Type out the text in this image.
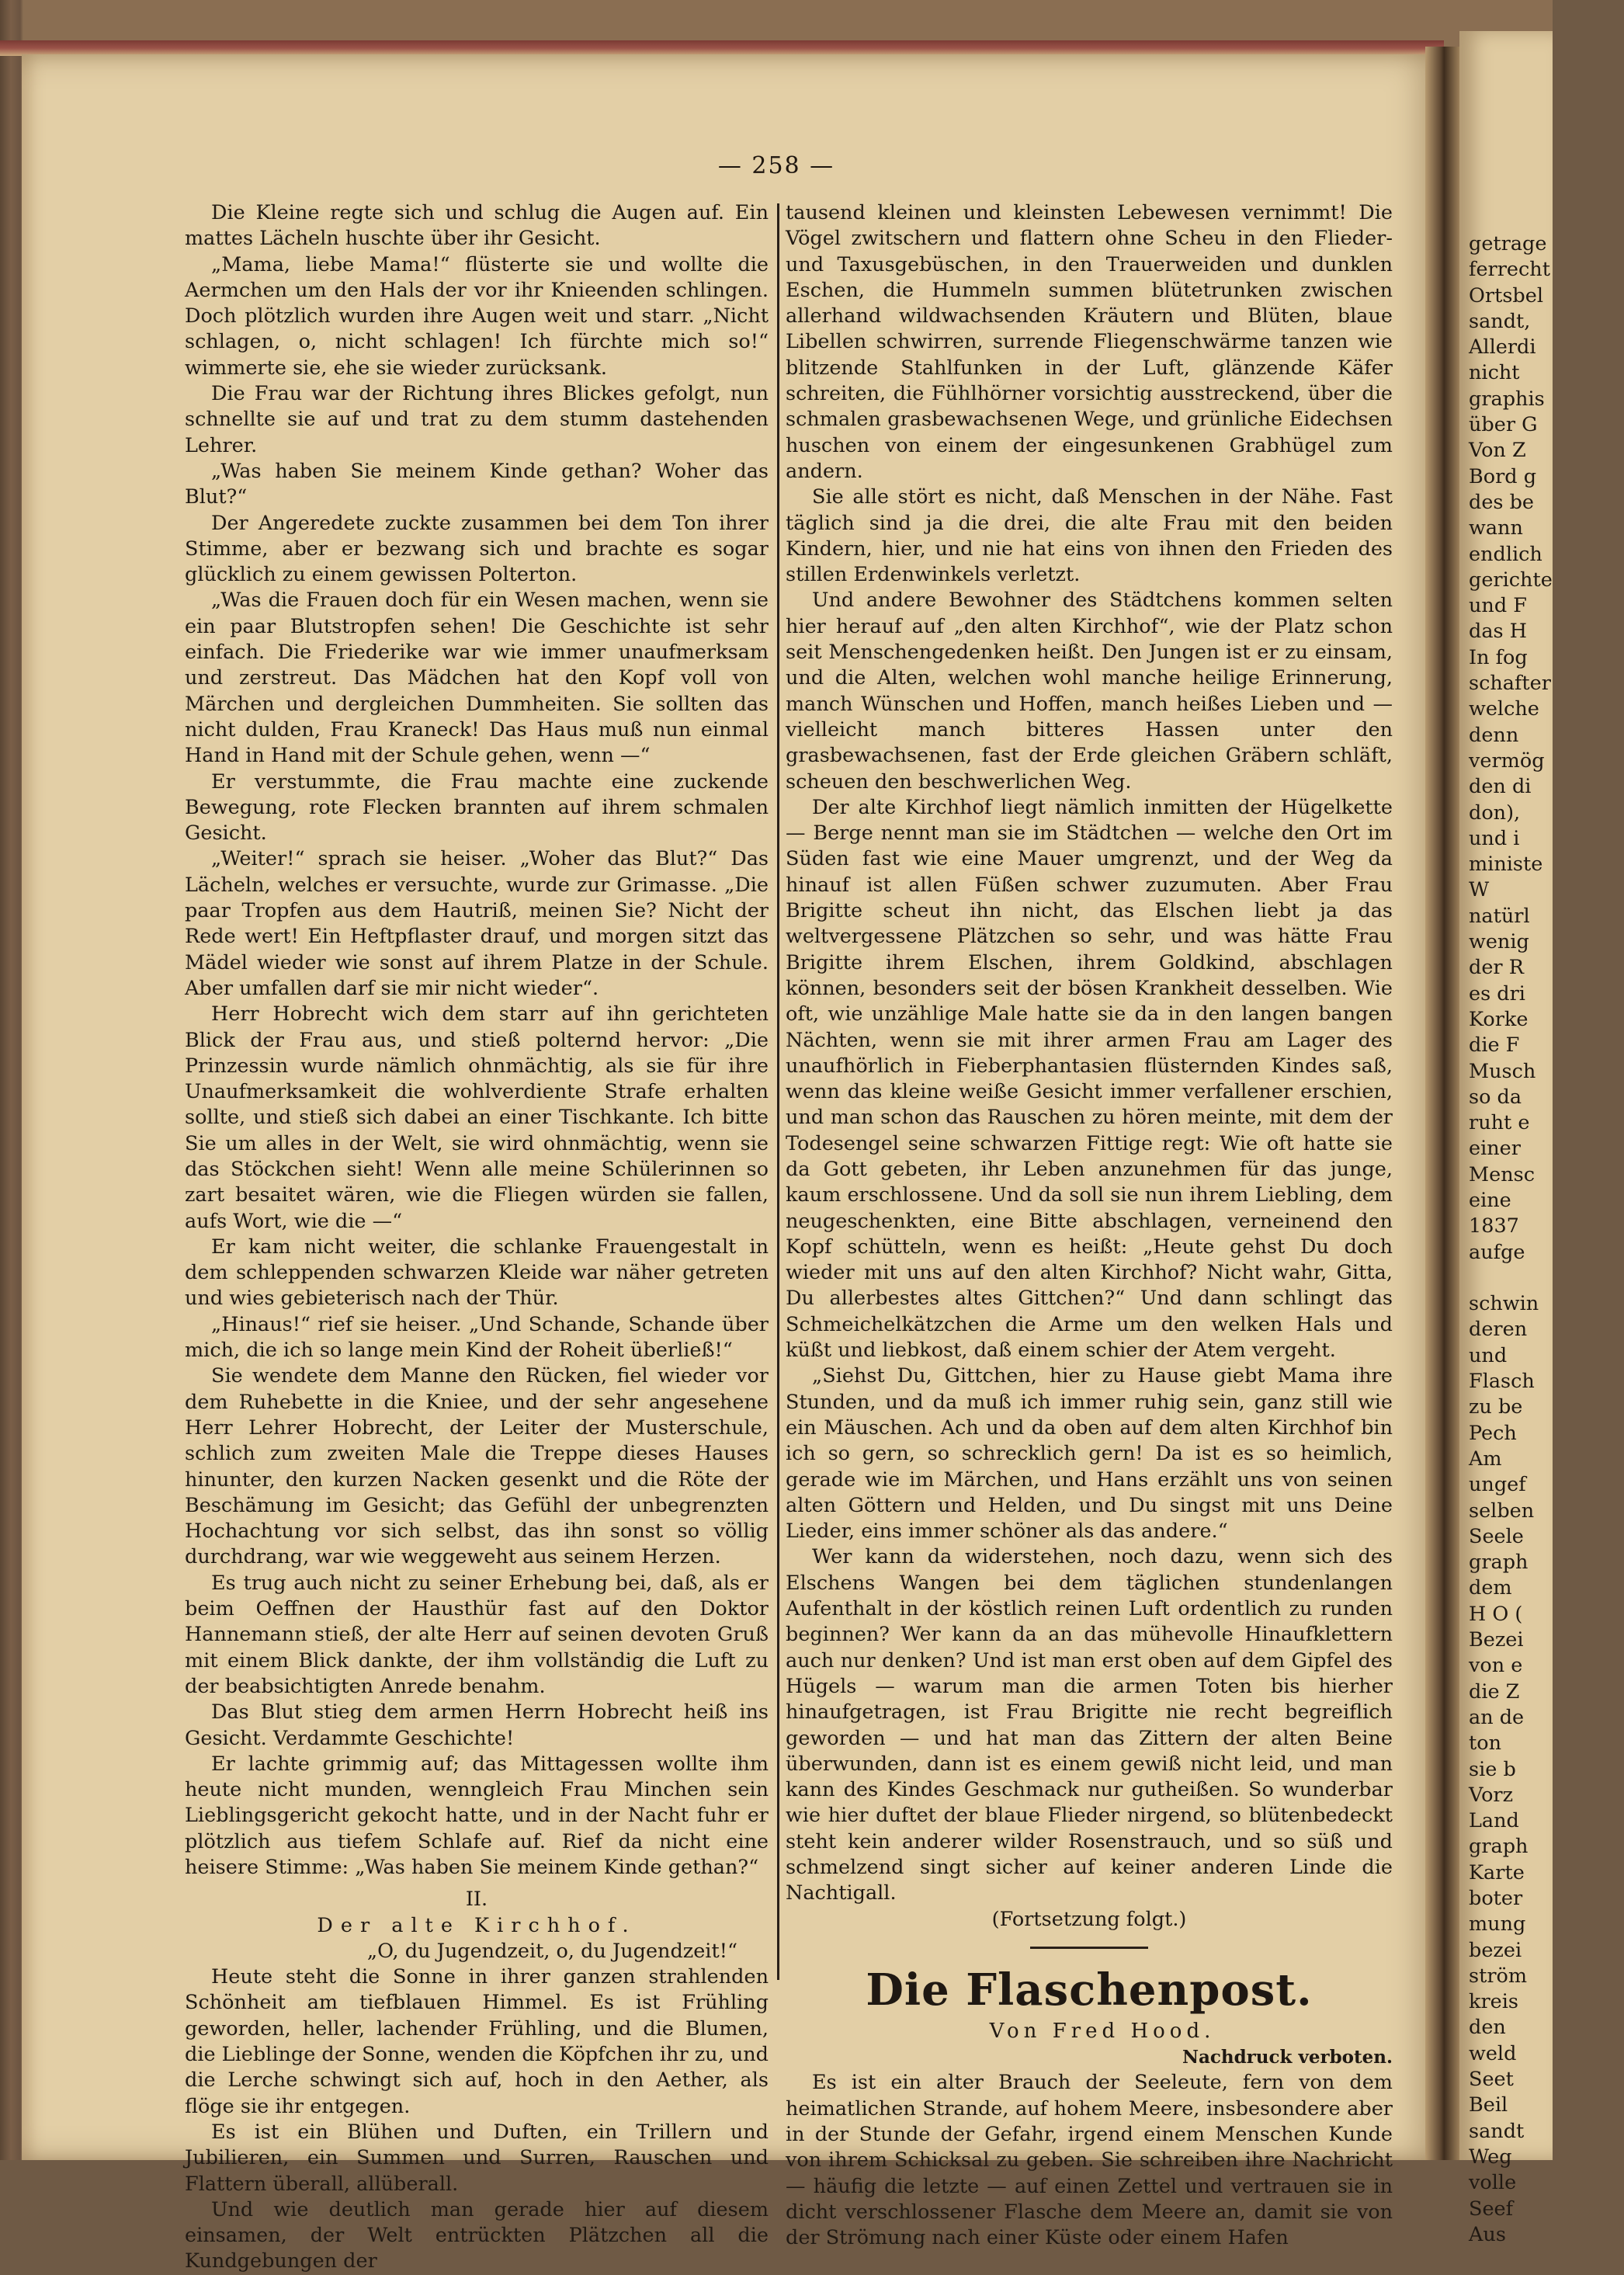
getrage
ferrecht
Ortsbel
sandt,
Allerdi
nicht
graphis
über G
Von Z
Bord g
des be
wann
endlich
gerichte
und F
das H
In fog
schafter
welche
denn
vermög
den di
don),
und i
ministe
W
natürl
wenig
der R
es dri
Korke
die F
Musch
so da
ruht e
einer
Mensc
eine
1837
aufge

schwin
deren
und
Flasch
zu be
Pech
Am
ungef
selben
Seele
graph
dem
H O (
Bezei
von e
die Z
an de
ton
sie b
Vorz
Land
graph
Karte
boter
mung
bezei
ström
kreis
den
weld
Seet
Beil
sandt
Weg
volle
Seef
Aus
— 258 —

Die Kleine regte sich und schlug die Augen auf. Ein mattes Lächeln huschte über ihr Gesicht.

„Mama, liebe Mama!“ flüsterte sie und wollte die Aermchen um den Hals der vor ihr Knieenden schlingen. Doch plötzlich wurden ihre Augen weit und starr. „Nicht schlagen, o, nicht schlagen! Ich fürchte mich so!“ wimmerte sie, ehe sie wieder zurücksank.

Die Frau war der Richtung ihres Blickes gefolgt, nun schnellte sie auf und trat zu dem stumm dastehenden Lehrer.

„Was haben Sie meinem Kinde gethan? Woher das Blut?“

Der Angeredete zuckte zusammen bei dem Ton ihrer Stimme, aber er bezwang sich und brachte es sogar glücklich zu einem gewissen Polterton.

„Was die Frauen doch für ein Wesen machen, wenn sie ein paar Blutstropfen sehen! Die Geschichte ist sehr einfach. Die Friederike war wie immer unaufmerksam und zerstreut. Das Mädchen hat den Kopf voll von Märchen und dergleichen Dummheiten. Sie sollten das nicht dulden, Frau Kraneck! Das Haus muß nun einmal Hand in Hand mit der Schule gehen, wenn —“

Er verstummte, die Frau machte eine zuckende Bewegung, rote Flecken brannten auf ihrem schmalen Gesicht.

„Weiter!“ sprach sie heiser. „Woher das Blut?“ Das Lächeln, welches er versuchte, wurde zur Grimasse. „Die paar Tropfen aus dem Hautriß, meinen Sie? Nicht der Rede wert! Ein Heftpflaster drauf, und morgen sitzt das Mädel wieder wie sonst auf ihrem Platze in der Schule. Aber umfallen darf sie mir nicht wieder“.

Herr Hobrecht wich dem starr auf ihn gerichteten Blick der Frau aus, und stieß polternd hervor: „Die Prinzessin wurde nämlich ohnmächtig, als sie für ihre Unaufmerksamkeit die wohlverdiente Strafe erhalten sollte, und stieß sich dabei an einer Tischkante. Ich bitte Sie um alles in der Welt, sie wird ohnmächtig, wenn sie das Stöckchen sieht! Wenn alle meine Schülerinnen so zart besaitet wären, wie die Fliegen würden sie fallen, aufs Wort, wie die —“

Er kam nicht weiter, die schlanke Frauengestalt in dem schleppenden schwarzen Kleide war näher getreten und wies gebieterisch nach der Thür.

„Hinaus!“ rief sie heiser. „Und Schande, Schande über mich, die ich so lange mein Kind der Roheit überließ!“

Sie wendete dem Manne den Rücken, fiel wieder vor dem Ruhebette in die Kniee, und der sehr angesehene Herr Lehrer Hobrecht, der Leiter der Musterschule, schlich zum zweiten Male die Treppe dieses Hauses hinunter, den kurzen Nacken gesenkt und die Röte der Beschämung im Gesicht; das Gefühl der unbegrenzten Hochachtung vor sich selbst, das ihn sonst so völlig durchdrang, war wie weggeweht aus seinem Herzen.

Es trug auch nicht zu seiner Erhebung bei, daß, als er beim Oeffnen der Hausthür fast auf den Doktor Hannemann stieß, der alte Herr auf seinen devoten Gruß mit einem Blick dankte, der ihm vollständig die Luft zu der beabsichtigten Anrede benahm.

Das Blut stieg dem armen Herrn Hobrecht heiß ins Gesicht. Verdammte Geschichte!

Er lachte grimmig auf; das Mittagessen wollte ihm heute nicht munden, wenngleich Frau Minchen sein Lieblingsgericht gekocht hatte, und in der Nacht fuhr er plötzlich aus tiefem Schlafe auf. Rief da nicht eine heisere Stimme: „Was haben Sie meinem Kinde gethan?“

II.

Der alte Kirchhof.

„O, du Jugendzeit, o, du Jugendzeit!“

Heute steht die Sonne in ihrer ganzen strahlenden Schönheit am tiefblauen Himmel. Es ist Frühling geworden, heller, lachender Frühling, und die Blumen, die Lieblinge der Sonne, wenden die Köpfchen ihr zu, und die Lerche schwingt sich auf, hoch in den Aether, als flöge sie ihr entgegen.

Es ist ein Blühen und Duften, ein Trillern und Jubilieren, ein Summen und Surren, Rauschen und Flattern überall, allüberall.

Und wie deutlich man gerade hier auf diesem einsamen, der Welt entrückten Plätzchen all die Kundgebungen der

tausend kleinen und kleinsten Lebewesen vernimmt! Die Vögel zwitschern und flattern ohne Scheu in den Flieder- und Taxusgebüschen, in den Trauerweiden und dunklen Eschen, die Hummeln summen blütetrunken zwischen allerhand wildwachsenden Kräutern und Blüten, blaue Libellen schwirren, surrende Fliegenschwärme tanzen wie blitzende Stahlfunken in der Luft, glänzende Käfer schreiten, die Fühlhörner vorsichtig ausstreckend, über die schmalen grasbewachsenen Wege, und grünliche Eidechsen huschen von einem der eingesunkenen Grabhügel zum andern.

Sie alle stört es nicht, daß Menschen in der Nähe. Fast täglich sind ja die drei, die alte Frau mit den beiden Kindern, hier, und nie hat eins von ihnen den Frieden des stillen Erdenwinkels verletzt.

Und andere Bewohner des Städtchens kommen selten hier herauf auf „den alten Kirchhof“, wie der Platz schon seit Menschengedenken heißt. Den Jungen ist er zu einsam, und die Alten, welchen wohl manche heilige Erinnerung, manch Wünschen und Hoffen, manch heißes Lieben und — vielleicht manch bitteres Hassen unter den grasbewachsenen, fast der Erde gleichen Gräbern schläft, scheuen den beschwerlichen Weg.

Der alte Kirchhof liegt nämlich inmitten der Hügelkette — Berge nennt man sie im Städtchen — welche den Ort im Süden fast wie eine Mauer umgrenzt, und der Weg da hinauf ist allen Füßen schwer zuzumuten. Aber Frau Brigitte scheut ihn nicht, das Elschen liebt ja das weltvergessene Plätzchen so sehr, und was hätte Frau Brigitte ihrem Elschen, ihrem Goldkind, abschlagen können, besonders seit der bösen Krankheit desselben. Wie oft, wie unzählige Male hatte sie da in den langen bangen Nächten, wenn sie mit ihrer armen Frau am Lager des unaufhörlich in Fieberphantasien flüsternden Kindes saß, wenn das kleine weiße Gesicht immer verfallener erschien, und man schon das Rauschen zu hören meinte, mit dem der Todesengel seine schwarzen Fittige regt: Wie oft hatte sie da Gott gebeten, ihr Leben anzunehmen für das junge, kaum erschlossene. Und da soll sie nun ihrem Liebling, dem neugeschenkten, eine Bitte abschlagen, verneinend den Kopf schütteln, wenn es heißt: „Heute gehst Du doch wieder mit uns auf den alten Kirchhof? Nicht wahr, Gitta, Du allerbestes altes Gittchen?“ Und dann schlingt das Schmeichelkätzchen die Arme um den welken Hals und küßt und liebkost, daß einem schier der Atem vergeht.

„Siehst Du, Gittchen, hier zu Hause giebt Mama ihre Stunden, und da muß ich immer ruhig sein, ganz still wie ein Mäuschen. Ach und da oben auf dem alten Kirchhof bin ich so gern, so schrecklich gern! Da ist es so heimlich, gerade wie im Märchen, und Hans erzählt uns von seinen alten Göttern und Helden, und Du singst mit uns Deine Lieder, eins immer schöner als das andere.“

Wer kann da widerstehen, noch dazu, wenn sich des Elschens Wangen bei dem täglichen stundenlangen Aufenthalt in der köstlich reinen Luft ordentlich zu runden beginnen? Wer kann da an das mühevolle Hinaufklettern auch nur denken? Und ist man erst oben auf dem Gipfel des Hügels — warum man die armen Toten bis hierher hinaufgetragen, ist Frau Brigitte nie recht begreiflich geworden — und hat man das Zittern der alten Beine überwunden, dann ist es einem gewiß nicht leid, und man kann des Kindes Geschmack nur gutheißen. So wunderbar wie hier duftet der blaue Flieder nirgend, so blütenbedeckt steht kein anderer wilder Rosenstrauch, und so süß und schmelzend singt sicher auf keiner anderen Linde die Nachtigall.

(Fortsetzung folgt.)

Die Flaschenpost.

Von Fred Hood.

Nachdruck verboten.

Es ist ein alter Brauch der Seeleute, fern von dem heimatlichen Strande, auf hohem Meere, insbesondere aber in der Stunde der Gefahr, irgend einem Menschen Kunde von ihrem Schicksal zu geben. Sie schreiben ihre Nachricht — häufig die letzte — auf einen Zettel und vertrauen sie in dicht verschlossener Flasche dem Meere an, damit sie von der Strömung nach einer Küste oder einem Hafen
